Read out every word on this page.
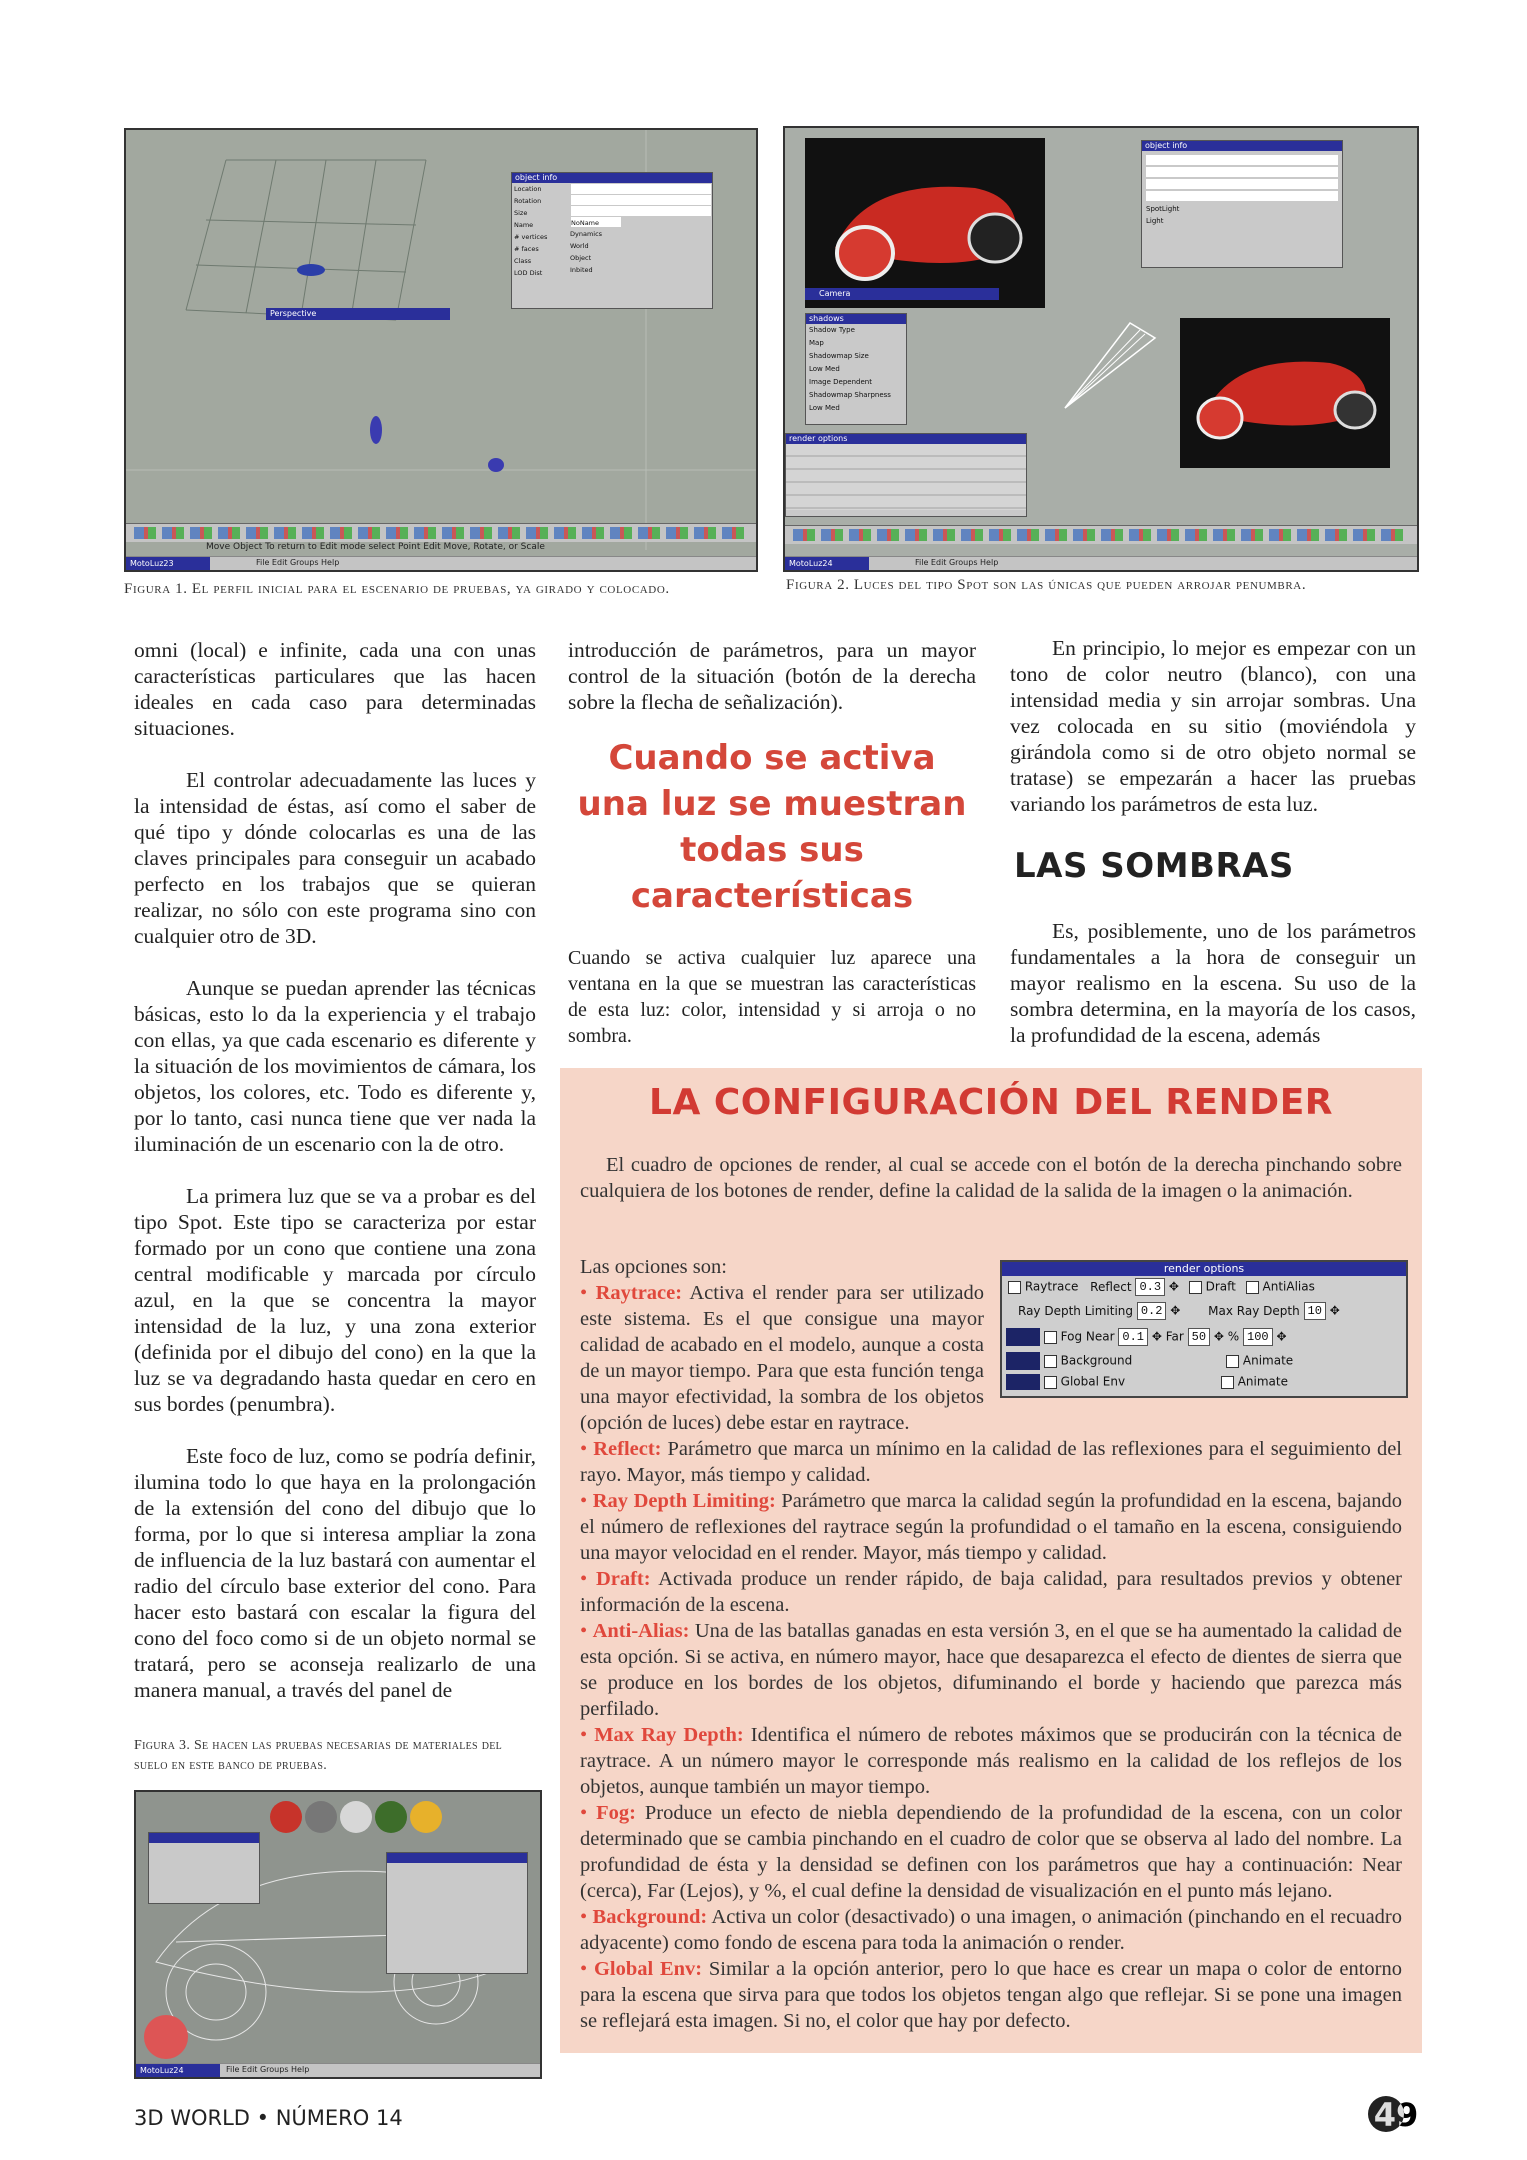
Perspective
object info
Location
Rotation
Size
Name
# vertices
# faces
Class
LOD Dist
NoName
Dynamics
World
Object
Inbited
Move Object To return to Edit mode select Point Edit Move, Rotate, or Scale
MotoLuz23	File Edit Groups Help
Figura 1. El perfil inicial para el escenario de pruebas, ya girado y colocado.
Camera
object info
SpotLight
Light
shadows
Shadow Type
Map
Shadowmap Size
Low Med
Image Dependent
Shadowmap Sharpness
Low Med
render options
MotoLuz24	File Edit Groups Help
Figura 2. Luces del tipo Spot son las únicas que pueden arrojar penumbra.

omni (local) e infinite, cada una con unas características particulares que las hacen ideales en cada caso para determinadas situaciones.

El controlar adecuadamente las luces y la intensidad de éstas, así como el saber de qué tipo y dónde colocarlas es una de las claves principales para conseguir un acabado perfecto en los trabajos que se quieran realizar, no sólo con este programa sino con cualquier otro de 3D.

Aunque se puedan aprender las técnicas básicas, esto lo da la experiencia y el trabajo con ellas, ya que cada escenario es diferente y la situación de los movimientos de cámara, los objetos, los colores, etc. Todo es diferente y, por lo tanto, casi nunca tiene que ver nada la iluminación de un escenario con la de otro.

La primera luz que se va a probar es del tipo Spot. Este tipo se caracteriza por estar formado por un cono que contiene una zona central modificable y marcada por círculo azul, en la que se concentra la mayor intensidad de la luz, y una zona exterior (definida por el dibujo del cono) en la que la luz se va degradando hasta quedar en cero en sus bordes (penumbra).

Este foco de luz, como se podría definir, ilumina todo lo que haya en la prolongación de la extensión del cono del dibujo que lo forma, por lo que si interesa ampliar la zona de influencia de la luz bastará con aumentar el radio del círculo base exterior del cono. Para hacer esto bastará con escalar la figura del cono del foco como si de un objeto normal se tratará, pero se aconseja realizarlo de una manera manual, a través del panel de

Figura 3. Se hacen las pruebas necesarias de materiales del suelo en este banco de pruebas.
MotoLuz24	File Edit Groups Help
introducción de parámetros, para un mayor control de la situación (botón de la derecha sobre la flecha de señalización).
Cuando se activa una luz se muestran todas sus características
Cuando se activa cualquier luz aparece una ventana en la que se muestran las características de esta luz: color, intensidad y si arroja o no sombra.
En principio, lo mejor es empezar con un tono de color neutro (blanco), con una intensidad media y sin arrojar sombras. Una vez colocada en su sitio (moviéndola y girándola como si de otro objeto normal se tratase) se empezarán a hacer las pruebas variando los parámetros de esta luz.
LAS SOMBRAS
Es, posiblemente, uno de los parámetros fundamentales a la hora de conseguir un mayor realismo en la escena. Su uso de la sombra determina, en la mayoría de los casos, la profundidad de la escena, además
LA CONFIGURACIÓN DEL RENDER
El cuadro de opciones de render, al cual se accede con el botón de la derecha pinchando sobre cualquiera de los botones de render, define la calidad de la salida de la imagen o la animación.
Las opciones son:
• Raytrace: Activa el render para ser utilizado este sistema. Es el que consigue una mayor calidad de acabado en el modelo, aunque a costa de un mayor tiempo. Para que esta función tenga una mayor efectividad, la sombra de los objetos (opción de luces) debe estar en raytrace.
• Reflect: Parámetro que marca un mínimo en la calidad de las reflexiones para el seguimiento del rayo. Mayor, más tiempo y calidad.
• Ray Depth Limiting: Parámetro que marca la calidad según la profundidad en la escena, bajando el número de reflexiones del raytrace según la profundidad o el tamaño en la escena, consiguiendo una mayor velocidad en el render. Mayor, más tiempo y calidad.
• Draft: Activada produce un render rápido, de baja calidad, para resultados previos y obtener información de la escena.
• Anti-Alias: Una de las batallas ganadas en esta versión 3, en el que se ha aumentado la calidad de esta opción. Si se activa, en número mayor, hace que desaparezca el efecto de dientes de sierra que se produce en los bordes de los objetos, difuminando el borde y haciendo que parezca más perfilado.
• Max Ray Depth: Identifica el número de rebotes máximos que se producirán con la técnica de raytrace. A un número mayor le corresponde más realismo en la calidad de los reflejos de los objetos, aunque también un mayor tiempo.
• Fog: Produce un efecto de niebla dependiendo de la profundidad de la escena, con un color determinado que se cambia pinchando en el cuadro de color que se observa al lado del nombre. La profundidad de ésta y la densidad se definen con los parámetros que hay a continuación: Near (cerca), Far (Lejos), y %, el cual define la densidad de visualización en el punto más lejano.
• Background: Activa un color (desactivado) o una imagen, o animación (pinchando en el recuadro adyacente) como fondo de escena para toda la animación o render.
• Global Env: Similar a la opción anterior, pero lo que hace es crear un mapa o color de entorno para la escena que sirva para que todos los objetos tengan algo que reflejar. Si se pone una imagen se reflejará esta imagen. Si no, el color que hay por defecto.
render options
Raytrace Reflect 0.3 ✥ Draft AntiAlias
Ray Depth Limiting 0.2 ✥ Max Ray Depth 10 ✥
Fog Near 0.1 ✥ Far 50 ✥ % 100 ✥
Background	Animate
Global Env	Animate
3D WORLD • NÚMERO 14	49
